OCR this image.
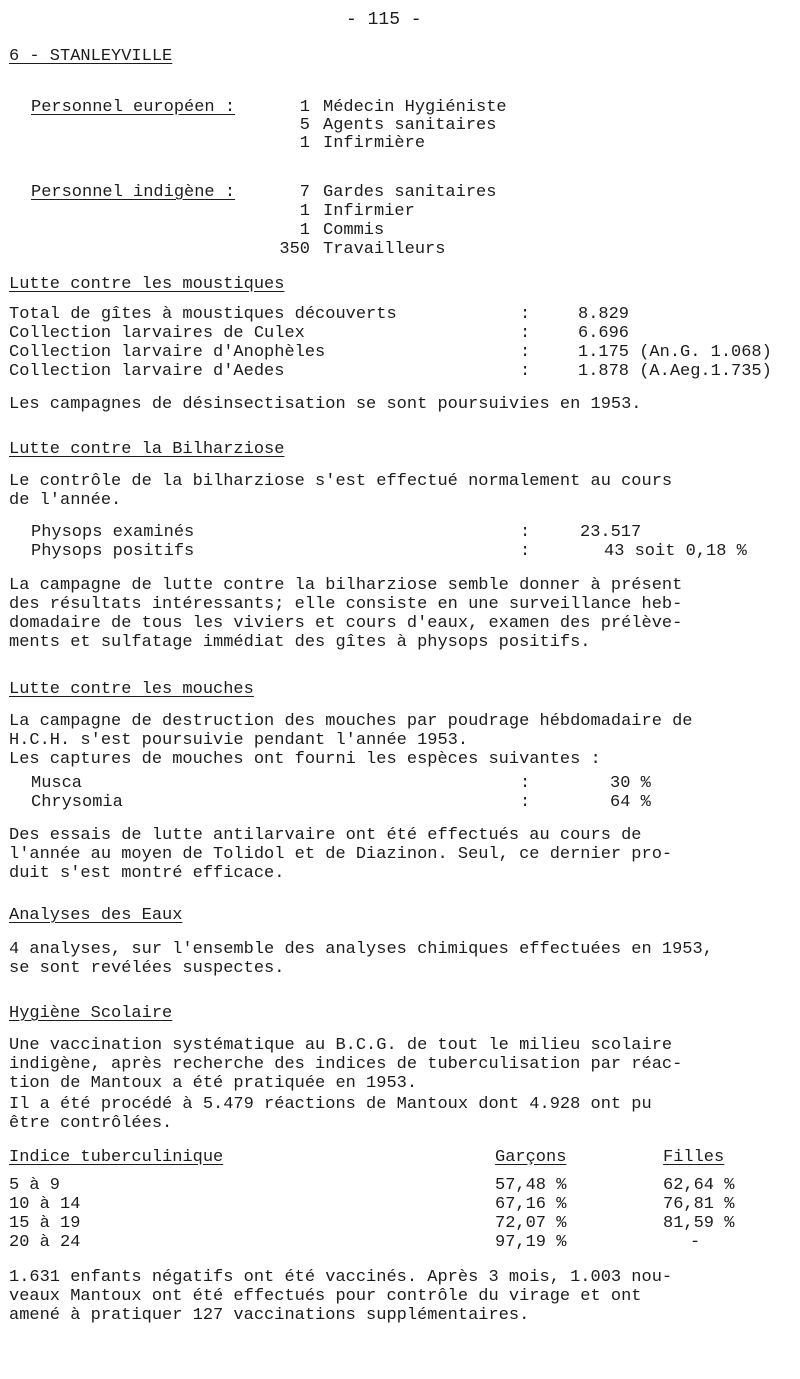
- 115 -
6 - STANLEYVILLE
Personnel européen :	1 Médecin Hygiéniste
5 Agents sanitaires
1 Infirmière
Personnel indigène :	7 Gardes sanitaires
1 Infirmier
1 Commis
350 Travailleurs
Lutte contre les moustiques
Total de gîtes à moustiques découverts	:	8.829
Collection larvaires de Culex	:	6.696
Collection larvaire d'Anophèles	:	1.175 (An.G. 1.068)
Collection larvaire d'Aedes	:	1.878 (A.Aeg.1.735)
Les campagnes de désinsectisation se sont poursuivies en 1953.
Lutte contre la Bilharziose
Le contrôle de la bilharziose s'est effectué normalement au cours
de l'année.
Physops examinés	:	23.517
Physops positifs	:	43 soit 0,18 %
La campagne de lutte contre la bilharziose semble donner à présent
des résultats intéressants; elle consiste en une surveillance heb-
domadaire de tous les viviers et cours d'eaux, examen des prélève-
ments et sulfatage immédiat des gîtes à physops positifs.
Lutte contre les mouches
La campagne de destruction des mouches par poudrage hébdomadaire de
H.C.H. s'est poursuivie pendant l'année 1953.
Les captures de mouches ont fourni les espèces suivantes :
Musca	:	30 %
Chrysomia	:	64 %
Des essais de lutte antilarvaire ont été effectués au cours de
l'année au moyen de Tolidol et de Diazinon. Seul, ce dernier pro-
duit s'est montré efficace.
Analyses des Eaux
4 analyses, sur l'ensemble des analyses chimiques effectuées en 1953,
se sont revélées suspectes.
Hygiène Scolaire
Une vaccination systématique au B.C.G. de tout le milieu scolaire
indigène, après recherche des indices de tuberculisation par réac-
tion de Mantoux a été pratiquée en 1953.
Il a été procédé à 5.479 réactions de Mantoux dont 4.928 ont pu
être contrôlées.
Indice tuberculinique	Garçons	Filles
5 à 9	57,48 %	62,64 %
10 à 14	67,16 %	76,81 %
15 à 19	72,07 %	81,59 %
20 à 24	97,19 %	-
1.631 enfants négatifs ont été vaccinés. Après 3 mois, 1.003 nou-
veaux Mantoux ont été effectués pour contrôle du virage et ont
amené à pratiquer 127 vaccinations supplémentaires.
